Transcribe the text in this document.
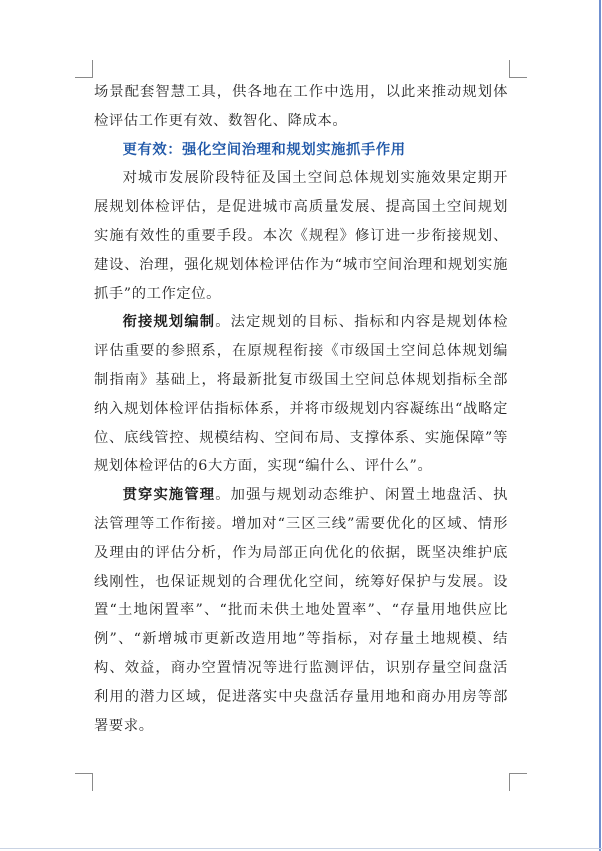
场景配套智慧工具，供各地在工作中选用，以此来推动规划体检评估工作更有效、数智化、降成本。

更有效：强化空间治理和规划实施抓手作用

对城市发展阶段特征及国土空间总体规划实施效果定期开展规划体检评估，是促进城市高质量发展、提高国土空间规划实施有效性的重要手段。本次《规程》修订进一步衔接规划、建设、治理，强化规划体检评估作为“城市空间治理和规划实施抓手”的工作定位。

衔接规划编制。法定规划的目标、指标和内容是规划体检评估重要的参照系，在原规程衔接《市级国土空间总体规划编制指南》基础上，将最新批复市级国土空间总体规划指标全部纳入规划体检评估指标体系，并将市级规划内容凝练出“战略定位、底线管控、规模结构、空间布局、支撑体系、实施保障”等规划体检评估的6大方面，实现“编什么、评什么”。

贯穿实施管理。加强与规划动态维护、闲置土地盘活、执法管理等工作衔接。增加对“三区三线”需要优化的区域、情形及理由的评估分析，作为局部正向优化的依据，既坚决维护底线刚性，也保证规划的合理优化空间，统筹好保护与发展。设置“土地闲置率”、“批而未供土地处置率”、“存量用地供应比例”、“新增城市更新改造用地”等指标，对存量土地规模、结构、效益，商办空置情况等进行监测评估，识别存量空间盘活利用的潜力区域，促进落实中央盘活存量用地和商办用房等部署要求。
